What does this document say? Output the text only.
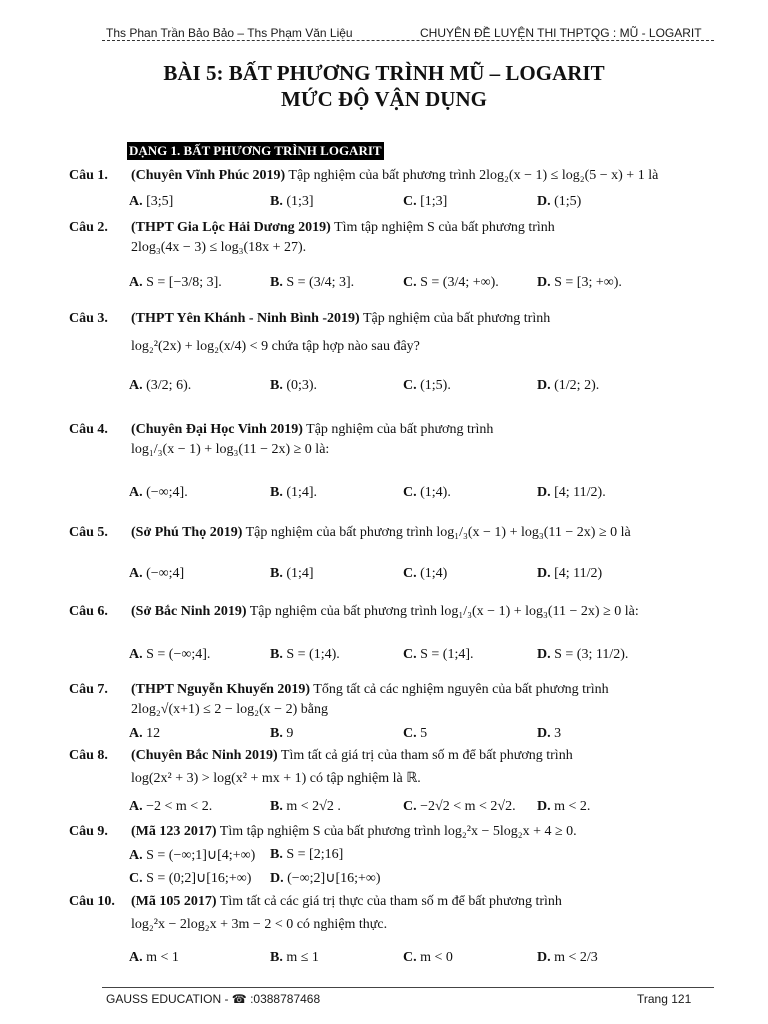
Ths Phan Trần Bảo Bảo – Ths Phạm Văn Liệu	CHUYÊN ĐỀ LUYỆN THI THPTQG : MŨ - LOGARIT
BÀI 5: BẤT PHƯƠNG TRÌNH MŨ – LOGARIT
MỨC ĐỘ VẬN DỤNG
DẠNG 1. BẤT PHƯƠNG TRÌNH LOGARIT
Câu 1. (Chuyên Vĩnh Phúc 2019) Tập nghiệm của bất phương trình 2log₂(x − 1) ≤ log₂(5 − x) + 1 là
A. [3;5]	B. (1;3]	C. [1;3]	D. (1;5)
Câu 2. (THPT Gia Lộc Hải Dương 2019) Tìm tập nghiệm S của bất phương trình
2log₃(4x − 3) ≤ log₃(18x + 27).
A. S = [−3/8; 3].	B. S = (3/4; 3].	C. S = (3/4; +∞).	D. S = [3; +∞).
Câu 3. (THPT Yên Khánh - Ninh Bình -2019) Tập nghiệm của bất phương trình
log₂²(2x) + log₂(x/4) < 9 chứa tập hợp nào sau đây?
A. (3/2; 6).	B. (0;3).	C. (1;5).	D. (1/2; 2).
Câu 4. (Chuyên Đại Học Vinh 2019) Tập nghiệm của bất phương trình
log₁/₃(x − 1) + log₃(11 − 2x) ≥ 0 là:
A. (−∞;4].	B. (1;4].	C. (1;4).	D. [4; 11/2).
Câu 5. (Sở Phú Thọ 2019) Tập nghiệm của bất phương trình log₁/₃(x − 1) + log₃(11 − 2x) ≥ 0 là
A. (−∞;4]	B. (1;4]	C. (1;4)	D. [4; 11/2)
Câu 6. (Sở Bắc Ninh 2019) Tập nghiệm của bất phương trình log₁/₃(x − 1) + log₃(11 − 2x) ≥ 0 là:
A. S = (−∞;4].	B. S = (1;4).	C. S = (1;4].	D. S = (3; 11/2).
Câu 7. (THPT Nguyễn Khuyến 2019) Tổng tất cả các nghiệm nguyên của bất phương trình
2log₂√(x+1) ≤ 2 − log₂(x − 2) bằng
A. 12	B. 9	C. 5	D. 3
Câu 8. (Chuyên Bắc Ninh 2019) Tìm tất cả giá trị của tham số m để bất phương trình
log(2x² + 3) > log(x² + mx + 1) có tập nghiệm là ℝ.
A. −2 < m < 2.	B. m < 2√2 .	C. −2√2 < m < 2√2. D. m < 2.
Câu 9. (Mã 123 2017) Tìm tập nghiệm S của bất phương trình log₂²x − 5log₂x + 4 ≥ 0.
A. S = (−∞;1]∪[4;+∞) B. S = [2;16]
C. S = (0;2]∪[16;+∞) D. (−∞;2]∪[16;+∞)
Câu 10. (Mã 105 2017) Tìm tất cả các giá trị thực của tham số m để bất phương trình
log₂²x − 2log₂x + 3m − 2 < 0 có nghiệm thực.
A. m < 1	B. m ≤ 1	C. m < 0	D. m < 2/3
GAUSS EDUCATION - ☎ :0388787468	Trang 121
